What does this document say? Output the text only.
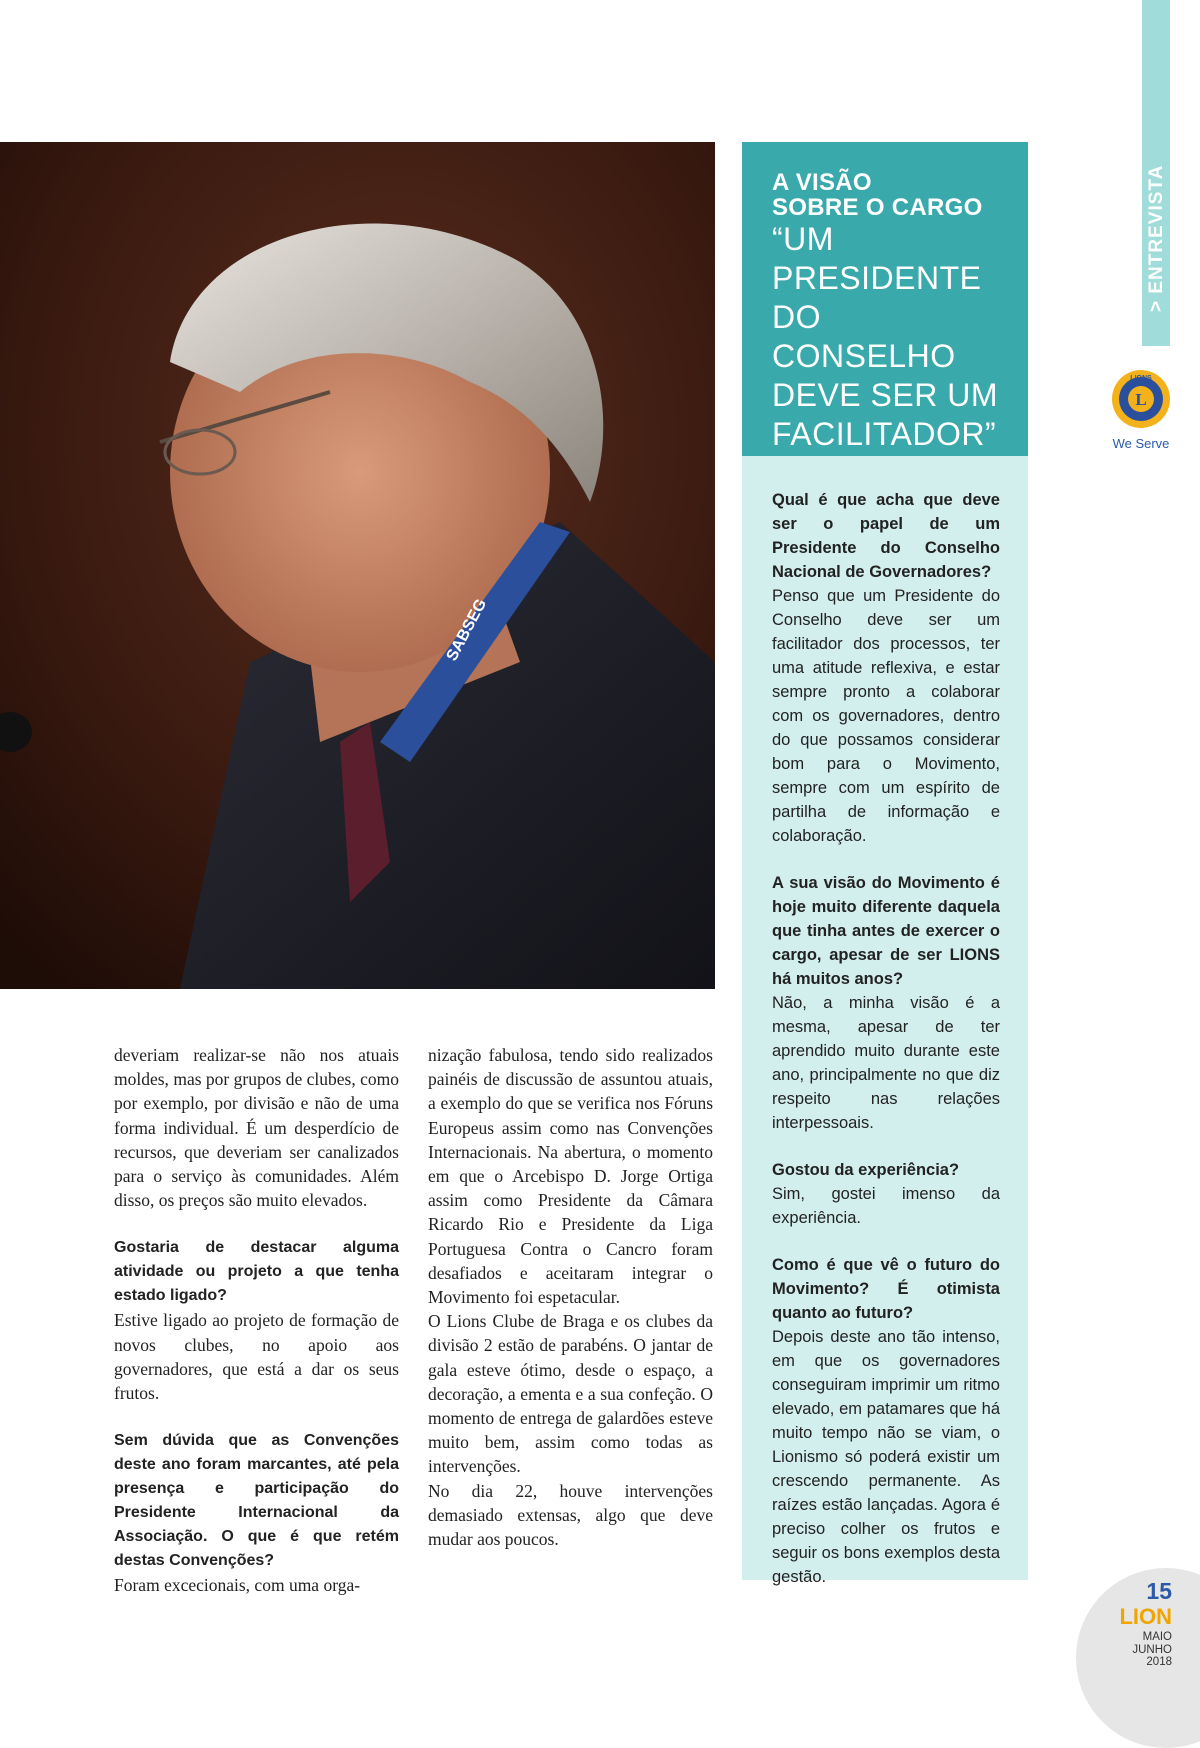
> ENTREVISTA
L
LIONS
We Serve
SABSEG

A VISÃO

SOBRE O CARGO

“UM

PRESIDENTE

DO CONSELHO

DEVE SER UM

FACILITADOR”

Qual é que acha que deve ser o papel de um Presidente do Conselho Nacional de Governadores?

Penso que um Presidente do Conselho deve ser um facilitador dos processos, ter uma atitude reflexiva, e estar sempre pronto a colaborar com os governadores, dentro do que possamos considerar bom para o Movimento, sempre com um espírito de partilha de informação e colaboração.

A sua visão do Movimento é hoje muito diferente daquela que tinha antes de exercer o cargo, apesar de ser LIONS há muitos anos?

Não, a minha visão é a mesma, apesar de ter aprendido muito durante este ano, principalmente no que diz respeito nas relações interpessoais.

Gostou da experiência?

Sim, gostei imenso da experiência.

Como é que vê o futuro do Movimento? É otimista quanto ao futuro?

Depois deste ano tão intenso, em que os governadores conseguiram imprimir um ritmo elevado, em patamares que há muito tempo não se viam, o Lionismo só poderá existir um crescendo permanente. As raízes estão lançadas. Agora é preciso colher os frutos e seguir os bons exemplos desta gestão.

deveriam realizar-se não nos atuais moldes, mas por grupos de clubes, como por exemplo, por divisão e não de uma forma individual. É um desperdício de recursos, que deveriam ser canalizados para o serviço às comunidades. Além disso, os preços são muito elevados.

Gostaria de destacar alguma atividade ou projeto a que tenha estado ligado?

Estive ligado ao projeto de formação de novos clubes, no apoio aos governadores, que está a dar os seus frutos.

Sem dúvida que as Convenções deste ano foram marcantes, até pela presença e participação do Presidente Internacional da Associação. O que é que retém destas Convenções?

Foram excecionais, com uma orga-

nização fabulosa, tendo sido realizados painéis de discussão de assuntou atuais, a exemplo do que se verifica nos Fóruns Europeus assim como nas Convenções Internacionais. Na abertura, o momento em que o Arcebispo D. Jorge Ortiga assim como Presidente da Câmara Ricardo Rio e Presidente da Liga Portuguesa Contra o Cancro foram desafiados e aceitaram integrar o Movimento foi espetacular.

O Lions Clube de Braga e os clubes da divisão 2 estão de parabéns. O jantar de gala esteve ótimo, desde o espaço, a decoração, a ementa e a sua confeção. O momento de entrega de galardões esteve muito bem, assim como todas as intervenções.

No dia 22, houve intervenções demasiado extensas, algo que deve mudar aos poucos.

15
LION
MAIO
JUNHO
2018
